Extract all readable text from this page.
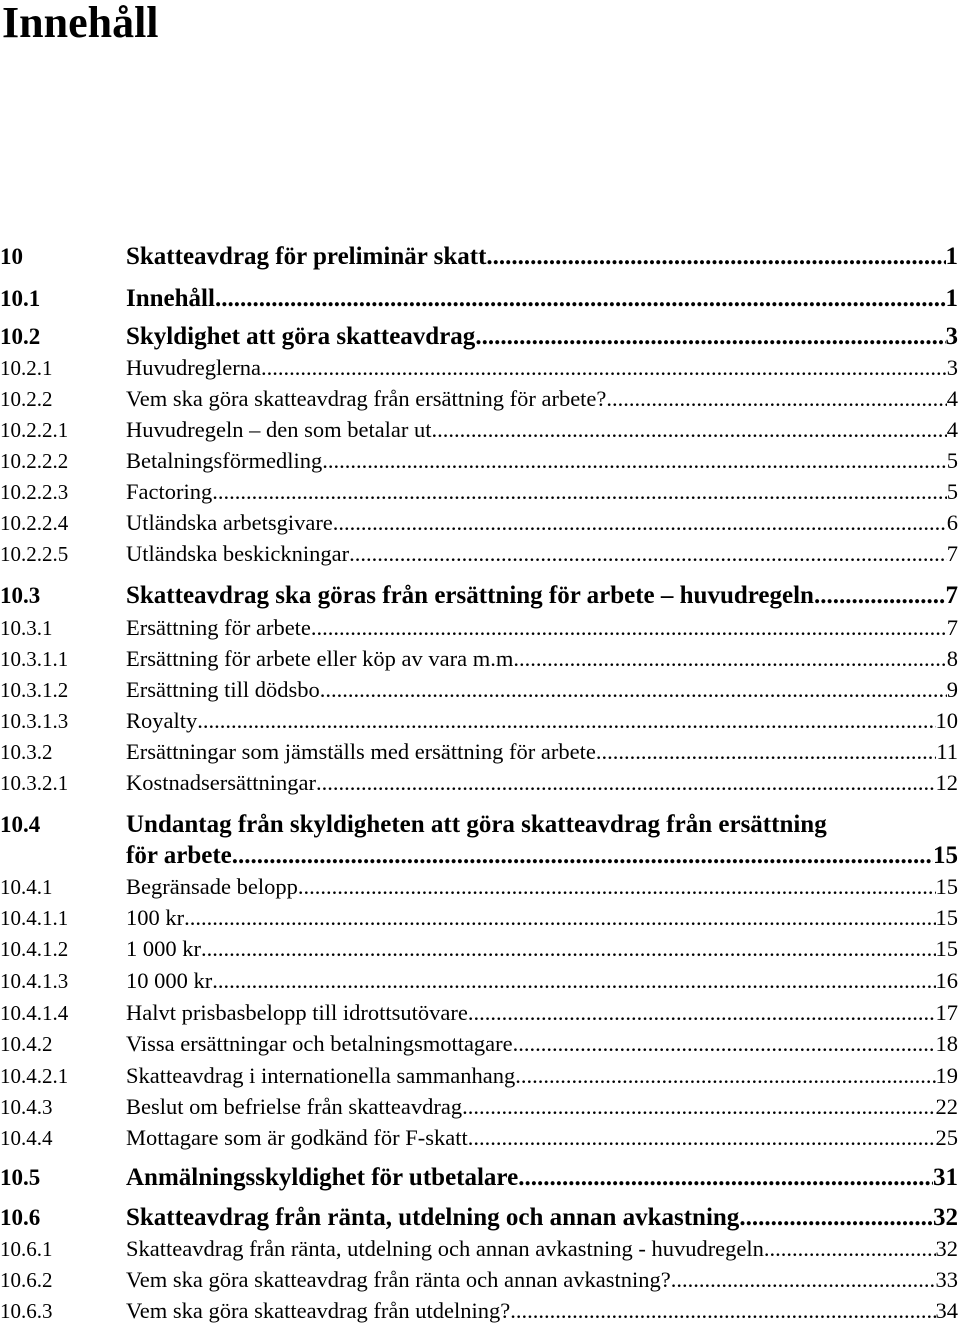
Innehåll
10	Skatteavdrag för preliminär skatt .....	1
10.1	Innehåll .....	1
10.2	Skyldighet att göra skatteavdrag .....	3
10.2.1	Huvudreglerna .....	3
10.2.2	Vem ska göra skatteavdrag från ersättning för arbete? .....	4
10.2.2.1	Huvudregeln – den som betalar ut .....	4
10.2.2.2	Betalningsförmedling .....	5
10.2.2.3	Factoring .....	5
10.2.2.4	Utländska arbetsgivare .....	6
10.2.2.5	Utländska beskickningar .....	7
10.3	Skatteavdrag ska göras från ersättning för arbete – huvudregeln .....	7
10.3.1	Ersättning för arbete .....	7
10.3.1.1	Ersättning för arbete eller köp av vara m.m. .....	8
10.3.1.2	Ersättning till dödsbo .....	9
10.3.1.3	Royalty .....	10
10.3.2	Ersättningar som jämställs med ersättning för arbete .....	11
10.3.2.1	Kostnadsersättningar .....	12
10.4	Undantag från skyldigheten att göra skatteavdrag från ersättning
för arbete .....	15
10.4.1	Begränsade belopp .....	15
10.4.1.1	100 kr .....	15
10.4.1.2	1 000 kr .....	15
10.4.1.3	10 000 kr .....	16
10.4.1.4	Halvt prisbasbelopp till idrottsutövare .....	17
10.4.2	Vissa ersättningar och betalningsmottagare .....	18
10.4.2.1	Skatteavdrag i internationella sammanhang .....	19
10.4.3	Beslut om befrielse från skatteavdrag .....	22
10.4.4	Mottagare som är godkänd för F-skatt .....	25
10.5	Anmälningsskyldighet för utbetalare .....	31
10.6	Skatteavdrag från ränta, utdelning och annan avkastning .....	32
10.6.1	Skatteavdrag från ränta, utdelning och annan avkastning - huvudregeln .....	32
10.6.2	Vem ska göra skatteavdrag från ränta och annan avkastning? .....	33
10.6.3	Vem ska göra skatteavdrag från utdelning? .....	34
